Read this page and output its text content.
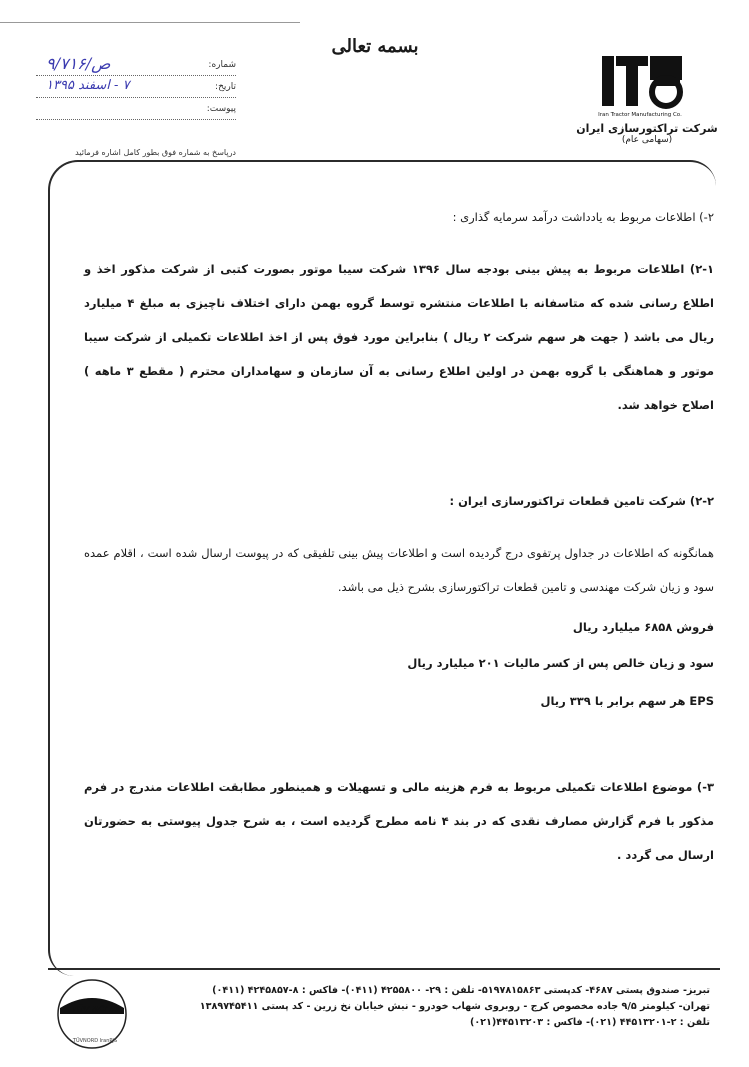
بسمه تعالی
شماره:
ص/۹/۷۱۶
تاریخ:
۷ - اسفند ۱۳۹۵
پیوست:
درپاسخ به شماره فوق بطور کامل اشاره فرمائید
Iran Tractor Manufacturing Co.
شرکت تراکتورسازی ایران
(سهامی عام)
۲-) اطلاعات مربوط به یادداشت درآمد سرمایه گذاری :
۲-۱) اطلاعات مربوط به پیش بینی بودجه سال ۱۳۹۶ شرکت سیبا موتور بصورت کتبی از شرکت مذکور اخذ و اطلاع رسانی شده که متاسفانه با اطلاعات منتشره توسط گروه بهمن دارای اختلاف ناچیزی به مبلغ ۴ میلیارد ریال می باشد ( جهت هر سهم شرکت ۲ ریال ) بنابراین مورد فوق پس از اخذ اطلاعات تکمیلی از شرکت سیبا موتور و هماهنگی با گروه بهمن در اولین اطلاع رسانی به آن سازمان و سهامداران محترم ( مقطع ۳ ماهه ) اصلاح خواهد شد.
۲-۲) شرکت تامین قطعات تراکتورسازی ایران :
همانگونه که اطلاعات در جداول پرتفوی درج گردیده است و اطلاعات پیش بینی تلفیقی که در پیوست ارسال شده است ، اقلام عمده سود و زیان شرکت مهندسی و تامین قطعات تراکتورسازی بشرح ذیل می باشد.
فروش ۶۸۵۸ میلیارد ریال
سود و زیان خالص پس از کسر مالیات ۲۰۱ میلیارد ریال
EPS هر سهم برابر با ۳۳۹ ریال
۳-) موضوع اطلاعات تکمیلی مربوط به فرم هزینه مالی و تسهیلات و همینطور مطابقت اطلاعات مندرج در فرم مذکور با فرم گزارش مصارف نقدی که در بند ۴ نامه مطرح گردیده است ، به شرح جدول پیوستی به حضورتان ارسال می گردد .
TÜV NORD
TÜVNORD IranPJS
تبریز- صندوق پستی ۴۶۸۷- کدپستی ۵۱۹۷۸۱۵۸۶۳- تلفن : ۲۹- ۴۲۵۵۸۰۰ (۰۴۱۱)- فاکس : ۸-۴۲۴۵۸۵۷ (۰۴۱۱)
تهران- کیلومتر ۹/۵ جاده مخصوص کرج - روبروی شهاب خودرو - نبش خیابان نخ زرین - کد پستی ۱۳۸۹۷۴۵۴۱۱
تلفن : ۲-۴۴۵۱۳۲۰۱ (۰۲۱)- فاکس : ۴۴۵۱۳۲۰۳(۰۲۱)
